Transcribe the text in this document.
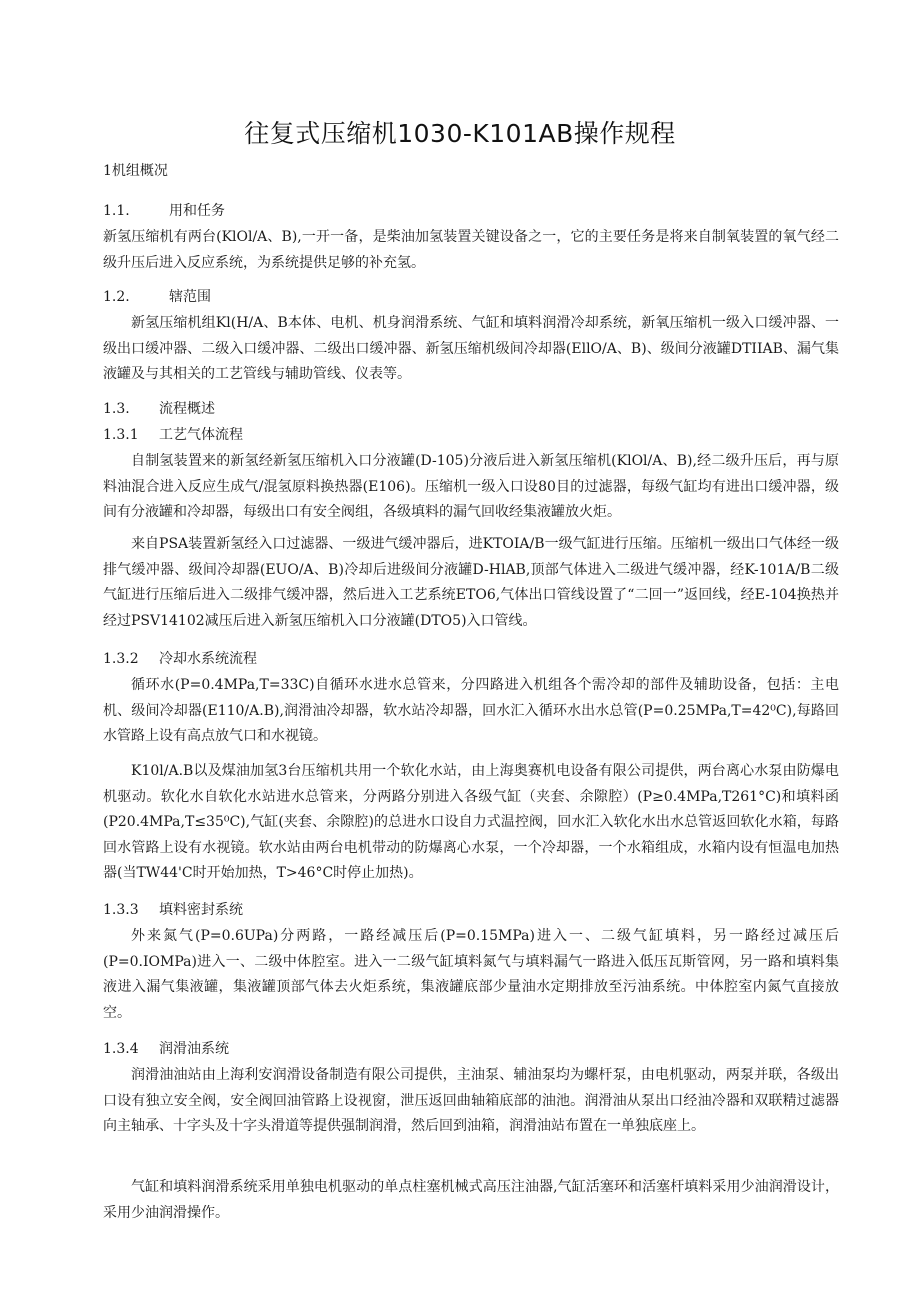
往复式压缩机1030-K101AB操作规程
1机组概况
1.1.	用和任务

新氢压缩机有两台(KlOl/A、B),一开一备，是柴油加氢装置关键设备之一，它的主要任务是将来自制氧装置的氧气经二级升压后进入反应系统，为系统提供足够的补充氢。

1.2.	辖范围

新氢压缩机组Kl(H/A、B本体、电机、机身润滑系统、气缸和填料润滑冷却系统，新氧压缩机一级入口缓冲器、一级出口缓冲器、二级入口缓冲器、二级出口缓冲器、新氢压缩机级间冷却器(EllO/A、B)、级间分液罐DTIIAB、漏气集液罐及与其相关的工艺管线与辅助管线、仪表等。

1.3. 流程概述
1.3.1 工艺气体流程

自制氢装置来的新氢经新氢压缩机入口分液罐(D-105)分液后进入新氢压缩机(KlOl/A、B),经二级升压后，再与原料油混合进入反应生成气/混氢原料换热器(E106)。压缩机一级入口设80目的过滤器，每级气缸均有进出口缓冲器，级间有分液罐和冷却器，每级出口有安全阀组，各级填料的漏气回收经集液罐放火炬。

来自PSA装置新氢经入口过滤器、一级进气缓冲器后，进KTOIA/B一级气缸进行压缩。压缩机一级出口气体经一级排气缓冲器、级间冷却器(EUO/A、B)冷却后进级间分液罐D-HlAB,顶部气体进入二级进气缓冲器，经K-101A/B二级气缸进行压缩后进入二级排气缓冲器，然后进入工艺系统ETO6,气体出口管线设置了“二回一”返回线，经E-104换热并经过PSV14102减压后进入新氢压缩机入口分液罐(DTO5)入口管线。

1.3.2 冷却水系统流程

循环水(P=0.4MPa,T=33C)自循环水进水总管来，分四路进入机组各个需冷却的部件及辅助设备，包括：主电机、级间冷却器(E110∕A.B),润滑油冷却器，软水站冷却器，回水汇入循环水出水总管(P=0.25MPa,T=42⁰C),每路回水管路上设有高点放气口和水视镜。

K10l∕A.B以及煤油加氢3台压缩机共用一个软化水站，由上海奥赛机电设备有限公司提供，两台离心水泵由防爆电机驱动。软化水自软化水站进水总管来，分两路分别进入各级气缸（夹套、余隙腔）(P≥0.4MPa,T261°C)和填料函(P20.4MPa,T≤35⁰C),气缸(夹套、余隙腔)的总进水口设自力式温控阀，回水汇入软化水出水总管返回软化水箱，每路回水管路上设有水视镜。软水站由两台电机带动的防爆离心水泵，一个冷却器，一个水箱组成，水箱内设有恒温电加热器(当TW44'C时开始加热，T>46°C时停止加热)。

1.3.3 填料密封系统

外来氮气(P=0.6UPa)分两路，一路经减压后(P=0.15MPa)进入一、二级气缸填料，另一路经过减压后(P=0.IOMPa)进入一、二级中体腔室。进入一二级气缸填料氮气与填料漏气一路进入低压瓦斯管网，另一路和填料集液进入漏气集液罐，集液罐顶部气体去火炬系统，集液罐底部少量油水定期排放至污油系统。中体腔室内氮气直接放空。

1.3.4 润滑油系统

润滑油油站由上海利安润滑设备制造有限公司提供，主油泵、辅油泵均为螺杆泵，由电机驱动，两泵并联，各级出口设有独立安全阀，安全阀回油管路上设视窗，泄压返回曲轴箱底部的油池。润滑油从泵出口经油冷器和双联精过滤器向主轴承、十字头及十字头滑道等提供强制润滑，然后回到油箱，润滑油站布置在一单独底座上。

气缸和填料润滑系统采用单独电机驱动的单点柱塞机械式高压注油器,气缸活塞环和活塞杆填料采用少油润滑设计，采用少油润滑操作。
